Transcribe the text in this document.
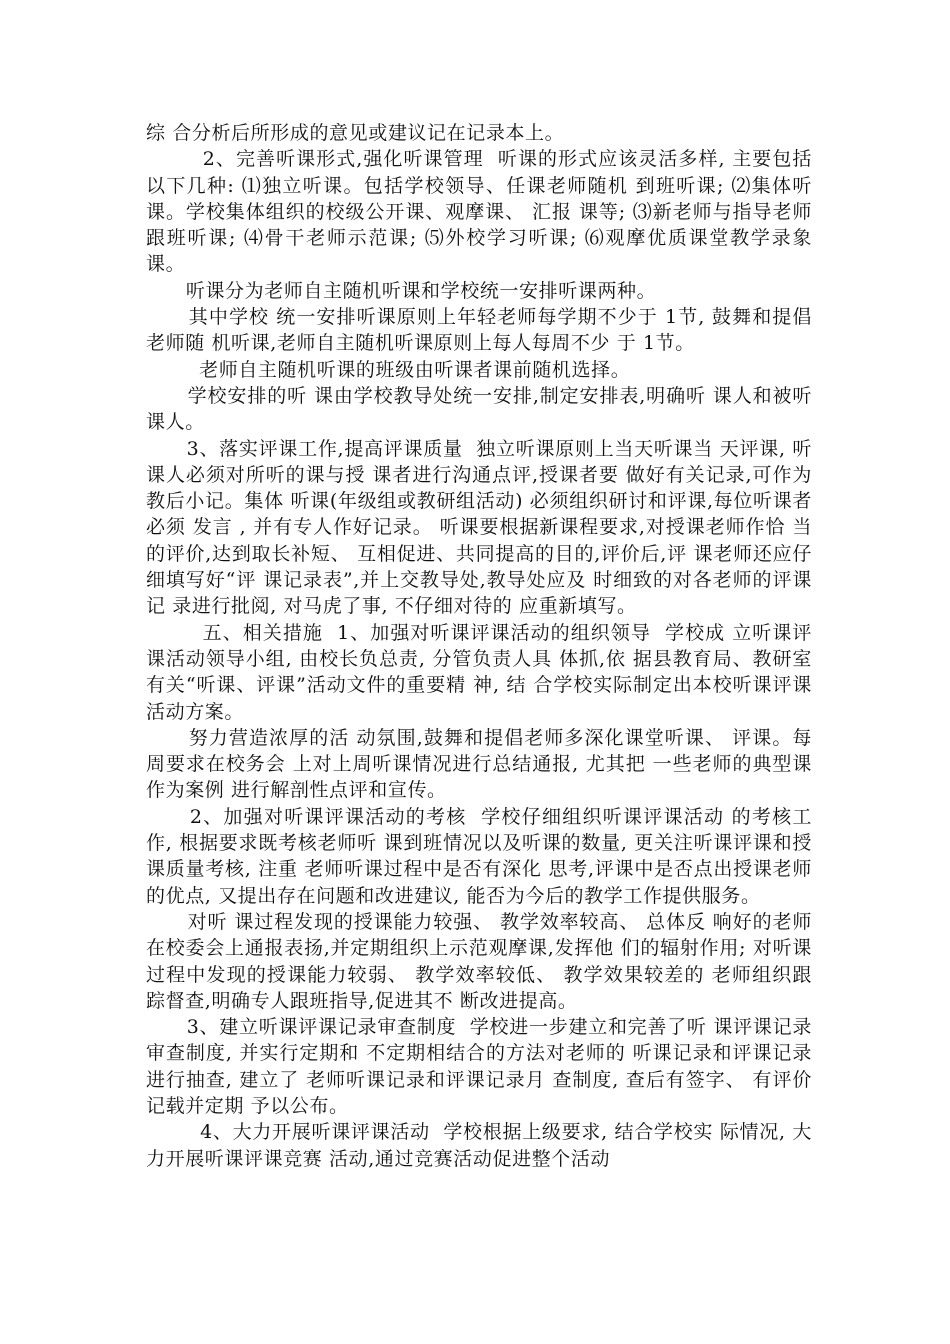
综 合分析后所形成的意见或建议记在记录本上。

2、完善听课形式,强化听课管理  听课的形式应该灵活多样, 主要包括以下几种: ⑴独立听课。包括学校领导、任课老师随机 到班听课; ⑵集体听课。学校集体组织的校级公开课、观摩课、 汇报 课等; ⑶新老师与指导老师跟班听课; ⑷骨干老师示范课; ⑸外校学习听课; ⑹观摩优质课堂教学录象课。

听课分为老师自主随机听课和学校统一安排听课两种。

其中学校 统一安排听课原则上年轻老师每学期不少于 1节, 鼓舞和提倡老师随 机听课,老师自主随机听课原则上每人每周不少 于 1节。

老师自主随机听课的班级由听课者课前随机选择。

学校安排的听 课由学校教导处统一安排,制定安排表,明确听 课人和被听课人。

3、落实评课工作,提高评课质量  独立听课原则上当天听课当 天评课, 听课人必须对所听的课与授 课者进行沟通点评,授课者要 做好有关记录,可作为教后小记。集体 听课(年级组或教研组活动) 必须组织研讨和评课,每位听课者必须 发言 , 并有专人作好记录。 听课要根据新课程要求,对授课老师作恰 当的评价,达到取长补短、 互相促进、共同提高的目的,评价后,评 课老师还应仔细填写好“评 课记录表”,并上交教导处,教导处应及 时细致的对各老师的评课记 录进行批阅, 对马虎了事, 不仔细对待的 应重新填写。

五、相关措施  1、加强对听课评课活动的组织领导  学校成 立听课评课活动领导小组, 由校长负总责, 分管负责人具 体抓,依 据县教育局、教研室有关“听课、评课”活动文件的重要精 神, 结 合学校实际制定出本校听课评课活动方案。

努力营造浓厚的活 动氛围,鼓舞和提倡老师多深化课堂听课、 评课。每周要求在校务会 上对上周听课情况进行总结通报, 尤其把 一些老师的典型课作为案例 进行解剖性点评和宣传。

2、加强对听课评课活动的考核  学校仔细组织听课评课活动 的考核工作, 根据要求既考核老师听 课到班情况以及听课的数量, 更关注听课评课和授课质量考核, 注重 老师听课过程中是否有深化 思考,评课中是否点出授课老师的优点, 又提出存在问题和改进建议, 能否为今后的教学工作提供服务。

对听 课过程发现的授课能力较强、 教学效率较高、 总体反 响好的老师在校委会上通报表扬,并定期组织上示范观摩课,发挥他 们的辐射作用; 对听课过程中发现的授课能力较弱、 教学效率较低、 教学效果较差的 老师组织跟踪督查,明确专人跟班指导,促进其不 断改进提高。

3、建立听课评课记录审查制度  学校进一步建立和完善了听 课评课记录审查制度, 并实行定期和 不定期相结合的方法对老师的 听课记录和评课记录进行抽查, 建立了 老师听课记录和评课记录月 查制度, 查后有签字、 有评价记载并定期 予以公布。

4、大力开展听课评课活动  学校根据上级要求, 结合学校实 际情况, 大力开展听课评课竞赛 活动,通过竞赛活动促进整个活动
